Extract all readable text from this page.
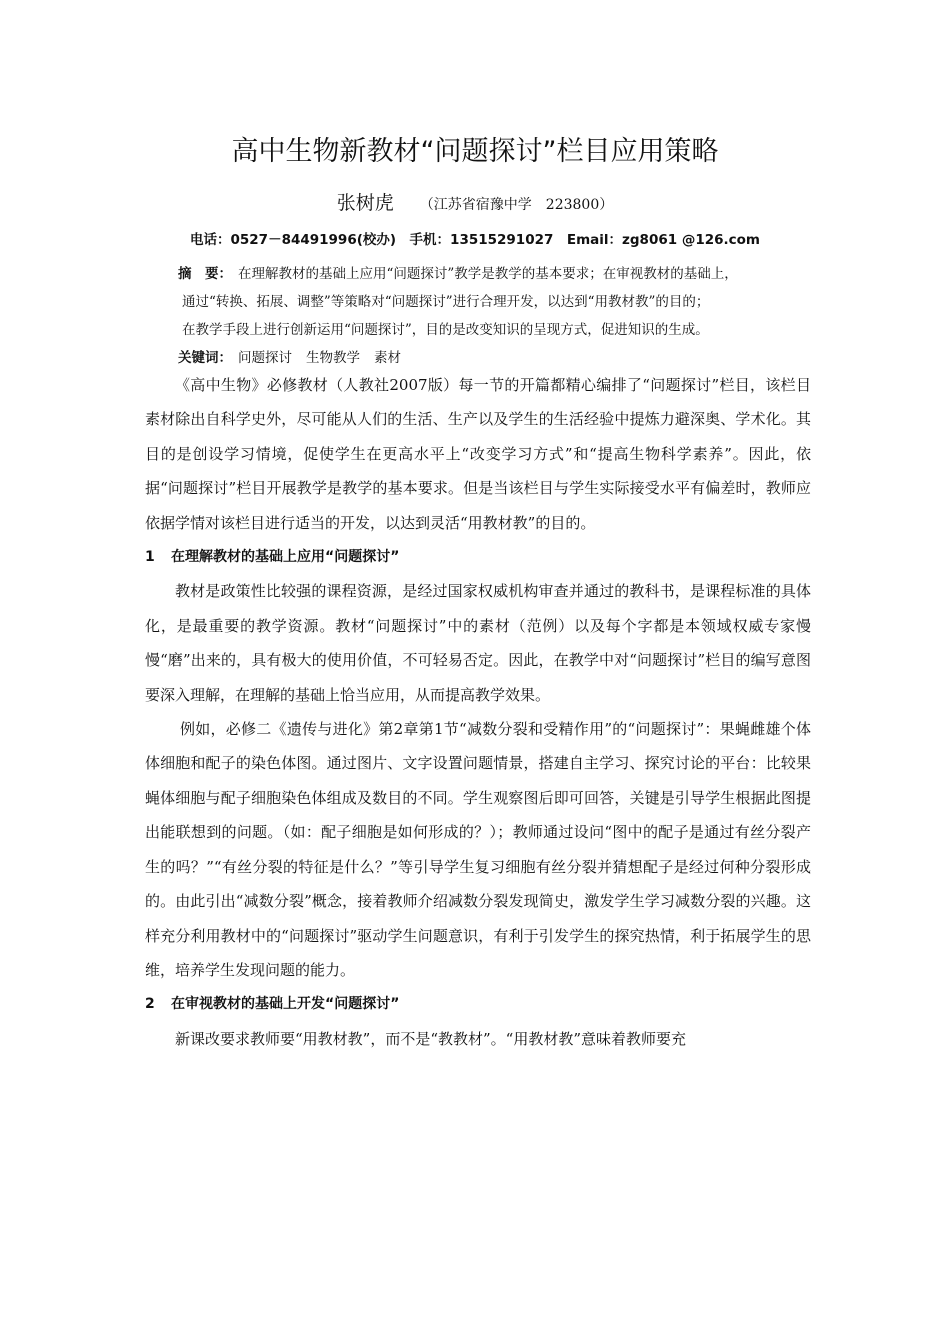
高中生物新教材“问题探讨”栏目应用策略
张树虎 （江苏省宿豫中学　223800）
电话：0527－84491996(校办)　手机：13515291027　Email：zg8061 @126.com
摘　要： 在理解教材的基础上应用“问题探讨”教学是教学的基本要求；在审视教材的基础上，
通过“转换、拓展、调整”等策略对“问题探讨”进行合理开发，以达到“用教材教”的目的；
在教学手段上进行创新运用“问题探讨”，目的是改变知识的呈现方式，促进知识的生成。
关键词： 问题探讨 生物教学 素材

《高中生物》必修教材（人教社2007版）每一节的开篇都精心编排了“问题探讨”栏目，该栏目素材除出自科学史外，尽可能从人们的生活、生产以及学生的生活经验中提炼力避深奥、学术化。其目的是创设学习情境，促使学生在更高水平上“改变学习方式”和“提高生物科学素养”。因此，依据“问题探讨”栏目开展教学是教学的基本要求。但是当该栏目与学生实际接受水平有偏差时，教师应依据学情对该栏目进行适当的开发，以达到灵活“用教材教”的目的。

1 在理解教材的基础上应用“问题探讨”

教材是政策性比较强的课程资源，是经过国家权威机构审查并通过的教科书，是课程标准的具体化，是最重要的教学资源。教材“问题探讨”中的素材（范例）以及每个字都是本领域权威专家慢慢“磨”出来的，具有极大的使用价值，不可轻易否定。因此，在教学中对“问题探讨”栏目的编写意图要深入理解，在理解的基础上恰当应用，从而提高教学效果。

例如，必修二《遗传与进化》第2章第1节“减数分裂和受精作用”的“问题探讨”：果蝇雌雄个体体细胞和配子的染色体图。通过图片、文字设置问题情景，搭建自主学习、探究讨论的平台：比较果蝇体细胞与配子细胞染色体组成及数目的不同。学生观察图后即可回答，关键是引导学生根据此图提出能联想到的问题。（如：配子细胞是如何形成的？）；教师通过设问“图中的配子是通过有丝分裂产生的吗？”“有丝分裂的特征是什么？”等引导学生复习细胞有丝分裂并猜想配子是经过何种分裂形成的。由此引出“减数分裂”概念，接着教师介绍减数分裂发现简史，激发学生学习减数分裂的兴趣。这样充分利用教材中的“问题探讨”驱动学生问题意识，有利于引发学生的探究热情，利于拓展学生的思维，培养学生发现问题的能力。

2 在审视教材的基础上开发“问题探讨”

新课改要求教师要“用教材教”，而不是“教教材”。“用教材教”意味着教师要充
